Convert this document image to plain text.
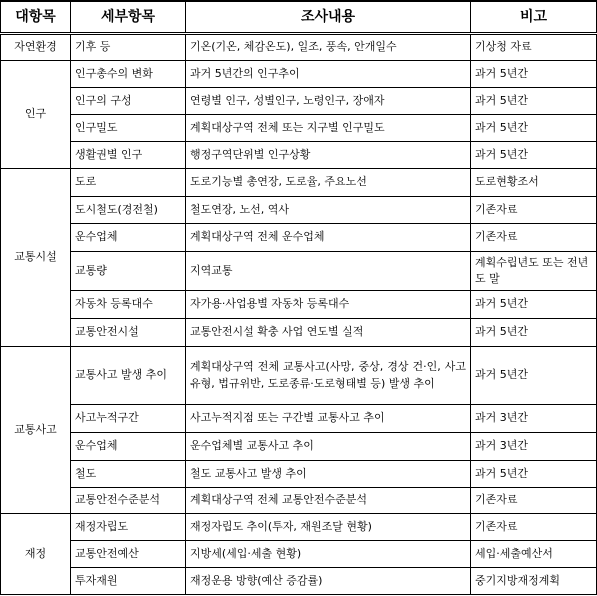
대항목	세부항목	조사내용	비고
자연환경	기후 등	기온(기온, 체감온도), 일조, 풍속, 안개일수	기상청 자료
인구	인구총수의 변화	과거 5년간의 인구추이	과거 5년간
	인구의 구성	연령별 인구, 성별인구, 노령인구, 장애자	과거 5년간
	인구밀도	계획대상구역 전체 또는 지구별 인구밀도	과거 5년간
	생활권별 인구	행정구역단위별 인구상황	과거 5년간
교통시설	도로	도로기능별 총연장, 도로율, 주요노선	도로현황조서
	도시철도(경전철)	철도연장, 노선, 역사	기존자료
	운수업체	계획대상구역 전체 운수업체	기존자료
	교통량	지역교통	계획수립년도 또는 전년도 말
	자동차 등록대수	자가용·사업용별 자동차 등록대수	과거 5년간
	교통안전시설	교통안전시설 확충 사업 연도별 실적	과거 5년간
교통사고	교통사고 발생 추이	계획대상구역 전체 교통사고(사망, 중상, 경상 건·인, 사고유형, 법규위반, 도로종류·도로형태별 등) 발생 추이	과거 5년간
	사고누적구간	사고누적지점 또는 구간별 교통사고 추이	과거 3년간
	운수업체	운수업체별 교통사고 추이	과거 3년간
	철도	철도 교통사고 발생 추이	과거 5년간
	교통안전수준분석	계획대상구역 전체 교통안전수준분석	기존자료
재정	재정자립도	재정자립도 추이(투자, 재원조달 현황)	기존자료
	교통안전예산	지방세(세입·세출 현황)	세입·세출예산서
	투자재원	재정운용 방향(예산 증감률)	중기지방재정계획
